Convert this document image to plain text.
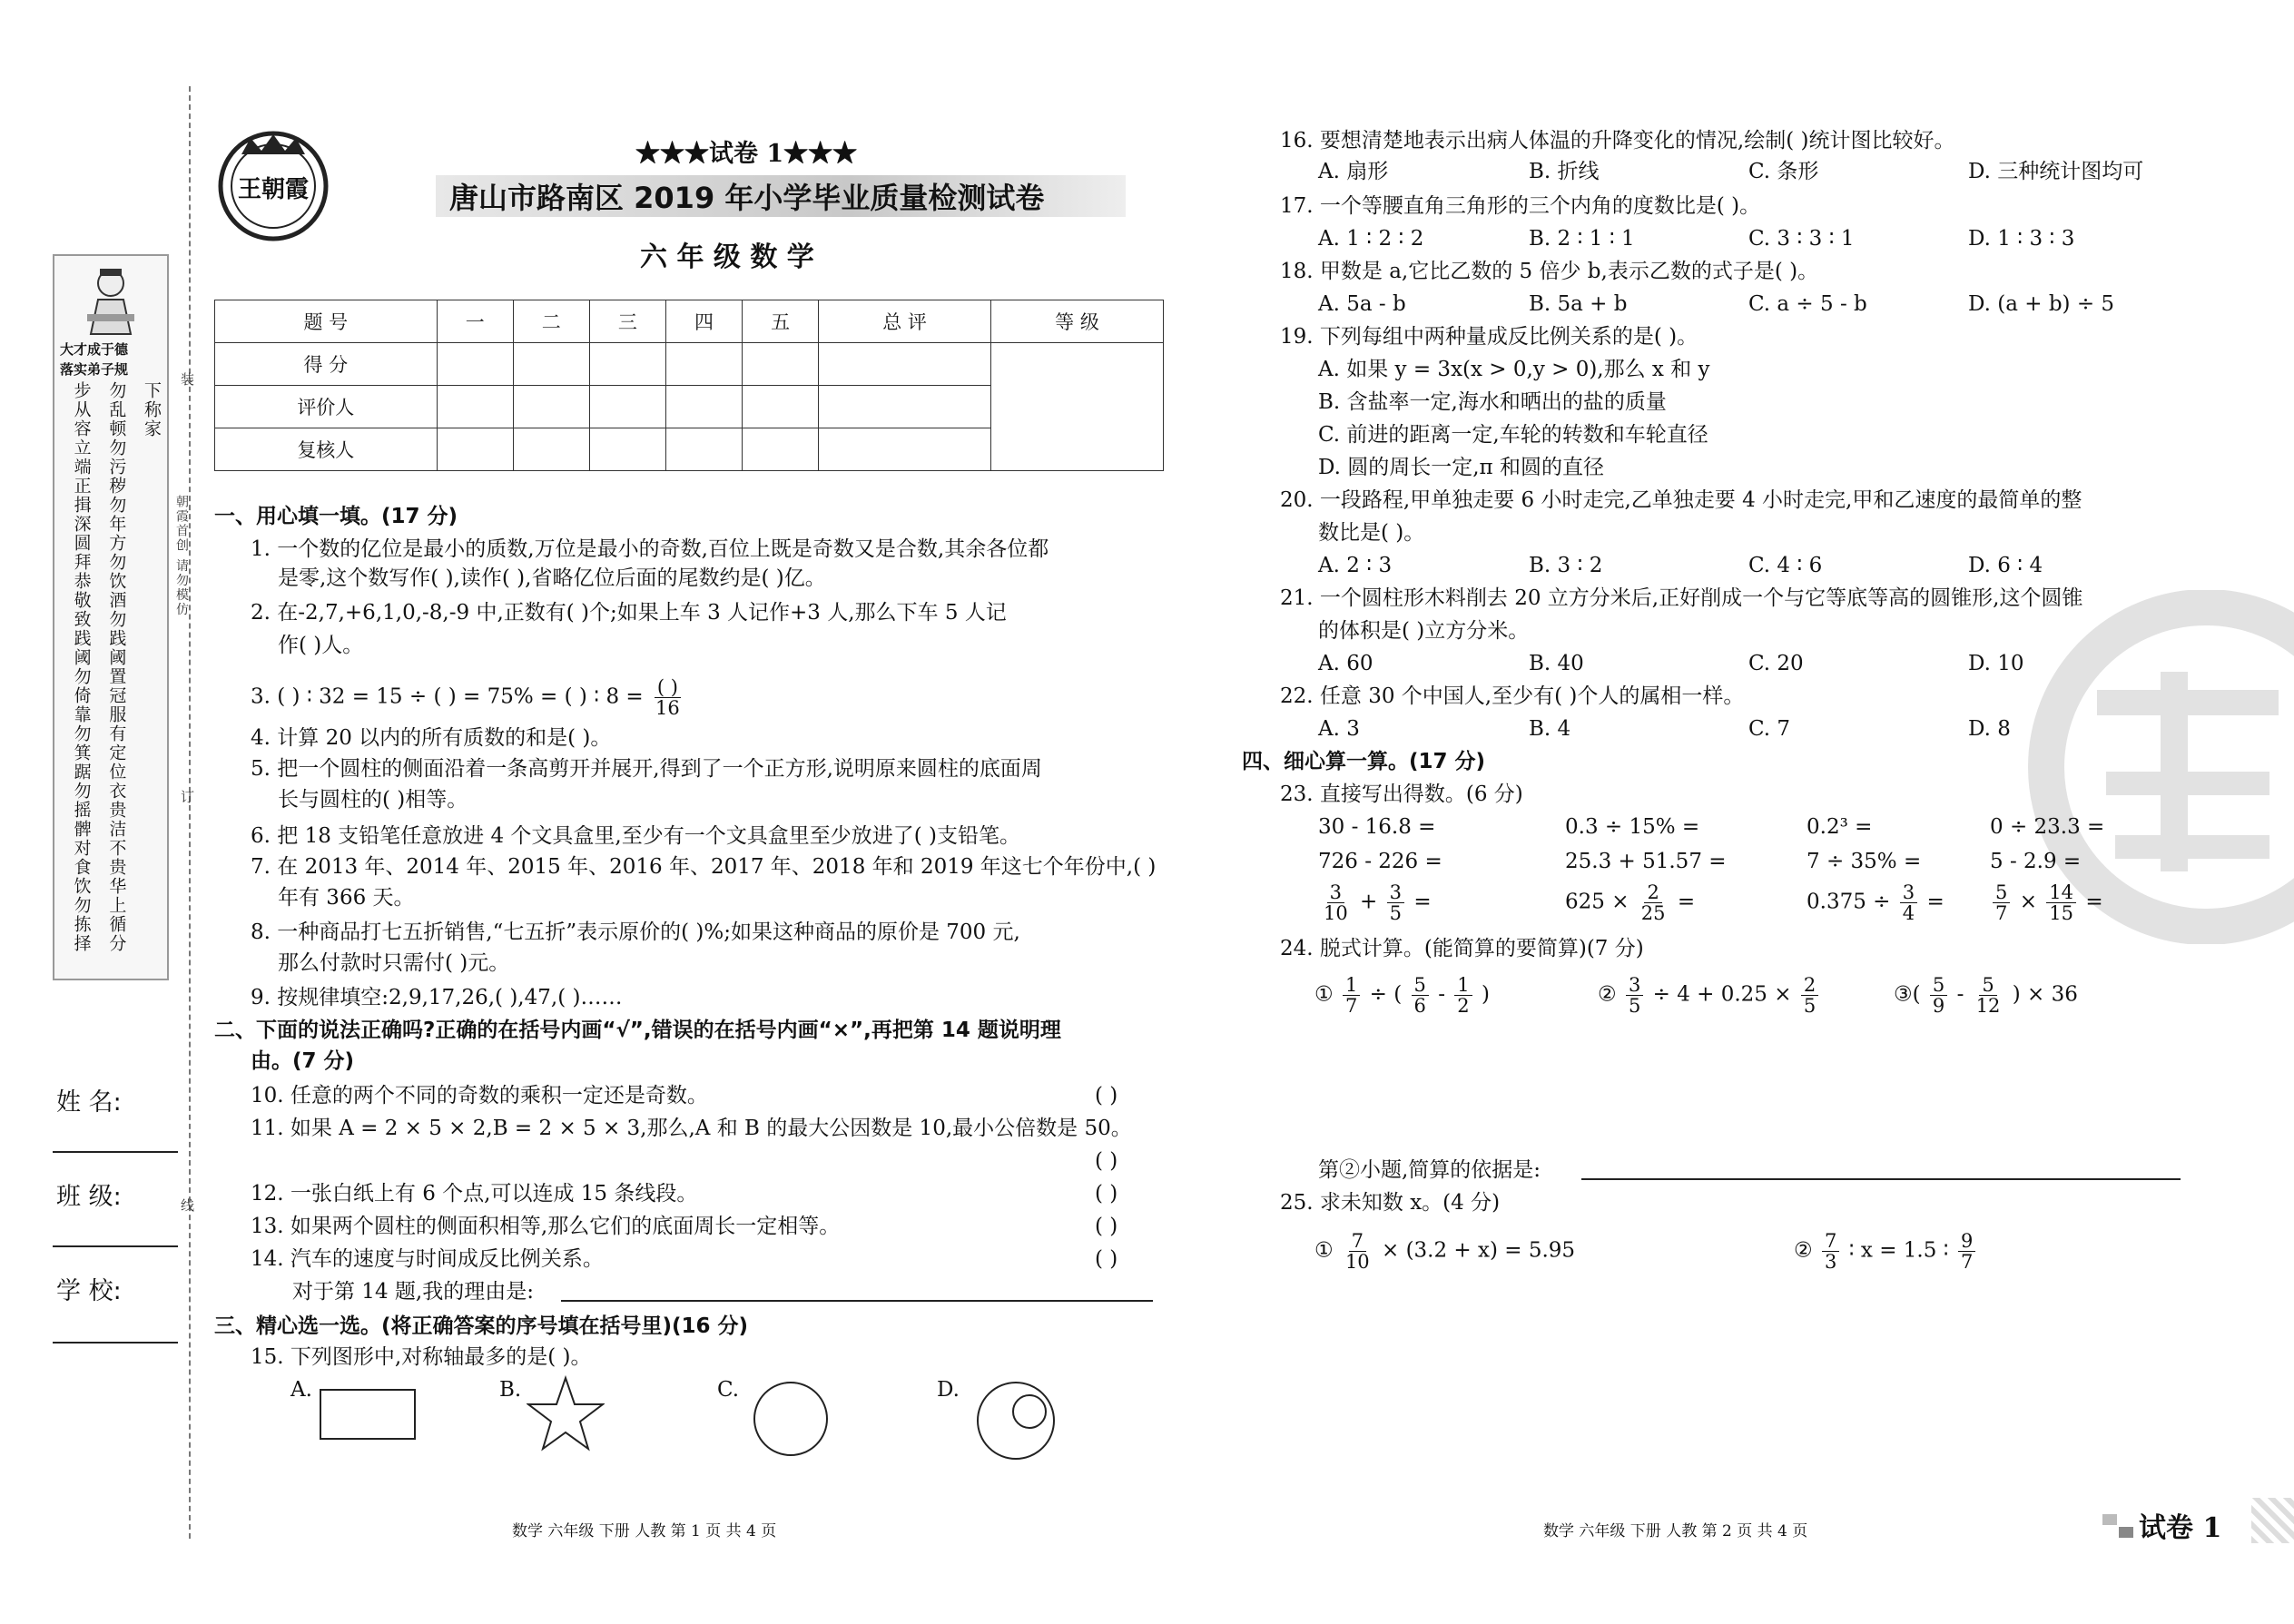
装
朝霞首创 请勿模仿
订
线
大才成于德
落实弟子规
步从容
立端正
揖深圆
拜恭敬
致践阈
勿倚靠
勿箕踞
勿摇髀
对食饮
勿拣择
勿乱顿
勿污秽
勿年方
勿饮酒
勿践阈
置冠服
有定位
衣贵洁
不贵华
上循分
下称家
姓 名:
班 级:
学 校:
王朝霞
★★★试卷 1★★★
唐山市路南区 2019 年小学毕业质量检测试卷
六 年 级 数 学
题 号	一	二	三	四	五	总 评	等 级
得 分							
评价人							
复核人							
一、用心填一填。(17 分)
1. 一个数的亿位是最小的质数,万位是最小的奇数,百位上既是奇数又是合数,其余各位都
是零,这个数写作( ),读作( ),省略亿位后面的尾数约是( )亿。
2. 在-2,7,+6,1,0,-8,-9 中,正数有( )个;如果上车 3 人记作+3 人,那么下车 5 人记
作( )人。
3. ( ) ∶ 32 = 15 ÷ ( ) = 75% = ( ) ∶ $8 = \frac{( )}{16}$
4. 计算 20 以内的所有质数的和是( )。
5. 把一个圆柱的侧面沿着一条高剪开并展开,得到了一个正方形,说明原来圆柱的底面周
长与圆柱的( )相等。
6. 把 18 支铅笔任意放进 4 个文具盒里,至少有一个文具盒里至少放进了( )支铅笔。
7. 在 2013 年、2014 年、2015 年、2016 年、2017 年、2018 年和 2019 年这七个年份中,( )
年有 366 天。
8. 一种商品打七五折销售,“七五折”表示原价的( )%;如果这种商品的原价是 700 元,
那么付款时只需付( )元。
9. 按规律填空:2,9,17,26,( ),47,( )……
二、下面的说法正确吗?正确的在括号内画“√”,错误的在括号内画“×”,再把第 14 题说明理
由。(7 分)
10. 任意的两个不同的奇数的乘积一定还是奇数。	( )
11. 如果 A = 2 × 5 × 2,B = 2 × 5 × 3,那么,A 和 B 的最大公因数是 10,最小公倍数是 50。
( )
12. 一张白纸上有 6 个点,可以连成 15 条线段。	( )
13. 如果两个圆柱的侧面积相等,那么它们的底面周长一定相等。	( )
14. 汽车的速度与时间成反比例关系。	( )
对于第 14 题,我的理由是:
三、精心选一选。(将正确答案的序号填在括号里)(16 分)
15. 下列图形中,对称轴最多的是( )。
A.	B.	C.	D.
16. 要想清楚地表示出病人体温的升降变化的情况,绘制( )统计图比较好。
A. 扇形	B. 折线	C. 条形	D. 三种统计图均可
17. 一个等腰直角三角形的三个内角的度数比是( )。
A. 1 ∶ 2 ∶ 2	B. 2 ∶ 1 ∶ 1	C. 3 ∶ 3 ∶ 1	D. 1 ∶ 3 ∶ 3
18. 甲数是 a,它比乙数的 5 倍少 b,表示乙数的式子是( )。
A. 5a - b	B. 5a + b	C. a ÷ 5 - b	D. (a + b) ÷ 5
19. 下列每组中两种量成反比例关系的是( )。
A. 如果 y = 3x(x > 0,y > 0),那么 x 和 y
B. 含盐率一定,海水和晒出的盐的质量
C. 前进的距离一定,车轮的转数和车轮直径
D. 圆的周长一定,π 和圆的直径
20. 一段路程,甲单独走要 6 小时走完,乙单独走要 4 小时走完,甲和乙速度的最简单的整
数比是( )。
A. 2 ∶ 3	B. 3 ∶ 2	C. 4 ∶ 6	D. 6 ∶ 4
21. 一个圆柱形木料削去 20 立方分米后,正好削成一个与它等底等高的圆锥形,这个圆锥
的体积是( )立方分米。
A. 60	B. 40	C. 20	D. 10
22. 任意 30 个中国人,至少有( )个人的属相一样。
A. 3	B. 4	C. 7	D. 8
四、细心算一算。(17 分)
23. 直接写出得数。(6 分)
30 - 16.8 =	0.3 ÷ 15% =	0.2³ =	0 ÷ 23.3 =
726 - 226 =	25.3 + 51.57 =	7 ÷ 35% =	5 - 2.9 =
$\frac{3}{10} + \frac{3}{5}$ =	$625 \times \frac{2}{25}$ =	$0.375 \div \frac{3}{4}$ =	$\frac{5}{7} \times \frac{14}{15}$ =
24. 脱式计算。(能简算的要简算)(7 分)
① $\frac{1}{7}$ ÷ ( $\frac{5}{6} - \frac{1}{2}$ )	② $\frac{3}{5} \div 4 + 0.25 \times \frac{2}{5}$	③( $\frac{5}{9} - \frac{5}{12}$ ) × 36
第②小题,简算的依据是:
25. 求未知数 x。(4 分)
① $\frac{7}{10} \times (3.2 + x) = 5.95$	② $\frac{7}{3}$ ∶ x = 1.5 ∶ $\frac{9}{7}$
数学 六年级 下册 人教 第 1 页 共 4 页	数学 六年级 下册 人教 第 2 页 共 4 页	试卷 1
